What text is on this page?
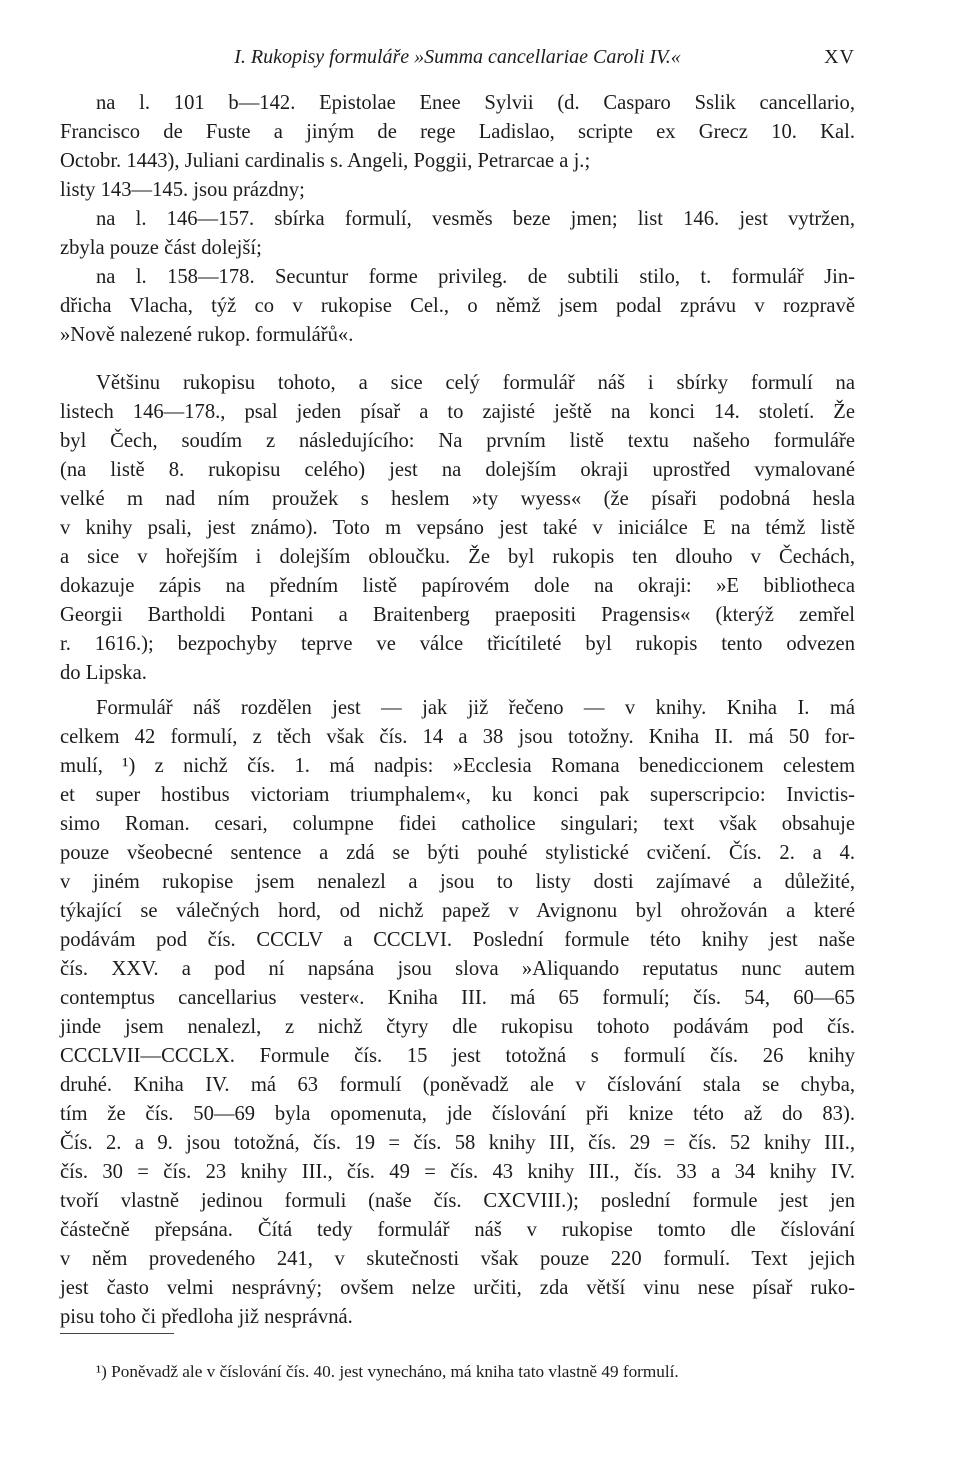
I. Rukopisy formuláře »Summa cancellariae Caroli IV.«	XV
na l. 101 b—142. Epistolae Enee Sylvii (d. Casparo Sslik cancellario,
Francisco de Fuste a jiným de rege Ladislao, scripte ex Grecz 10. Kal.
Octobr. 1443), Juliani cardinalis s. Angeli, Poggii, Petrarcae a j.;
listy 143—145. jsou prázdny;
na l. 146—157. sbírka formulí, vesměs beze jmen; list 146. jest vytržen,
zbyla pouze část dolejší;
na l. 158—178. Secuntur forme privileg. de subtili stilo, t. formulář Jin-
dřicha Vlacha, týž co v rukopise Cel., o němž jsem podal zprávu v rozpravě
»Nově nalezené rukop. formulářů«.
Většinu rukopisu tohoto, a sice celý formulář náš i sbírky formulí na
listech 146—178., psal jeden písař a to zajisté ještě na konci 14. století. Že
byl Čech, soudím z následujícího: Na prvním listě textu našeho formuláře
(na listě 8. rukopisu celého) jest na dolejším okraji uprostřed vymalované
velké m nad ním proužek s heslem »ty wyess« (že písaři podobná hesla
v knihy psali, jest známo). Toto m vepsáno jest také v iniciálce E na témž listě
a sice v hořejším i dolejším obloučku. Že byl rukopis ten dlouho v Čechách,
dokazuje zápis na předním listě papírovém dole na okraji: »E bibliotheca
Georgii Bartholdi Pontani a Braitenberg praepositi Pragensis« (kterýž zemřel
r. 1616.); bezpochyby teprve ve válce třicítileté byl rukopis tento odvezen
do Lipska.
Formulář náš rozdělen jest — jak již řečeno — v knihy. Kniha I. má
celkem 42 formulí, z těch však čís. 14 a 38 jsou totožny. Kniha II. má 50 for-
mulí, ¹) z nichž čís. 1. má nadpis: »Ecclesia Romana benediccionem celestem
et super hostibus victoriam triumphalem«, ku konci pak superscripcio: Invictis-
simo Roman. cesari, columpne fidei catholice singulari; text však obsahuje
pouze všeobecné sentence a zdá se býti pouhé stylistické cvičení. Čís. 2. a 4.
v jiném rukopise jsem nenalezl a jsou to listy dosti zajímavé a důležité,
týkající se válečných hord, od nichž papež v Avignonu byl ohrožován a které
podávám pod čís. CCCLV a CCCLVI. Poslední formule této knihy jest naše
čís. XXV. a pod ní napsána jsou slova »Aliquando reputatus nunc autem
contemptus cancellarius vester«. Kniha III. má 65 formulí; čís. 54, 60—65
jinde jsem nenalezl, z nichž čtyry dle rukopisu tohoto podávám pod čís.
CCCLVII—CCCLX. Formule čís. 15 jest totožná s formulí čís. 26 knihy
druhé. Kniha IV. má 63 formulí (poněvadž ale v číslování stala se chyba,
tím že čís. 50—69 byla opomenuta, jde číslování při knize této až do 83).
Čís. 2. a 9. jsou totožná, čís. 19 = čís. 58 knihy III, čís. 29 = čís. 52 knihy III.,
čís. 30 = čís. 23 knihy III., čís. 49 = čís. 43 knihy III., čís. 33 a 34 knihy IV.
tvoří vlastně jedinou formuli (naše čís. CXCVIII.); poslední formule jest jen
částečně přepsána. Čítá tedy formulář náš v rukopise tomto dle číslování
v něm provedeného 241, v skutečnosti však pouze 220 formulí. Text jejich
jest často velmi nesprávný; ovšem nelze určiti, zda větší vinu nese písař ruko-
pisu toho či předloha již nesprávná.
¹) Poněvadž ale v číslování čís. 40. jest vynecháno, má kniha tato vlastně 49 formulí.
